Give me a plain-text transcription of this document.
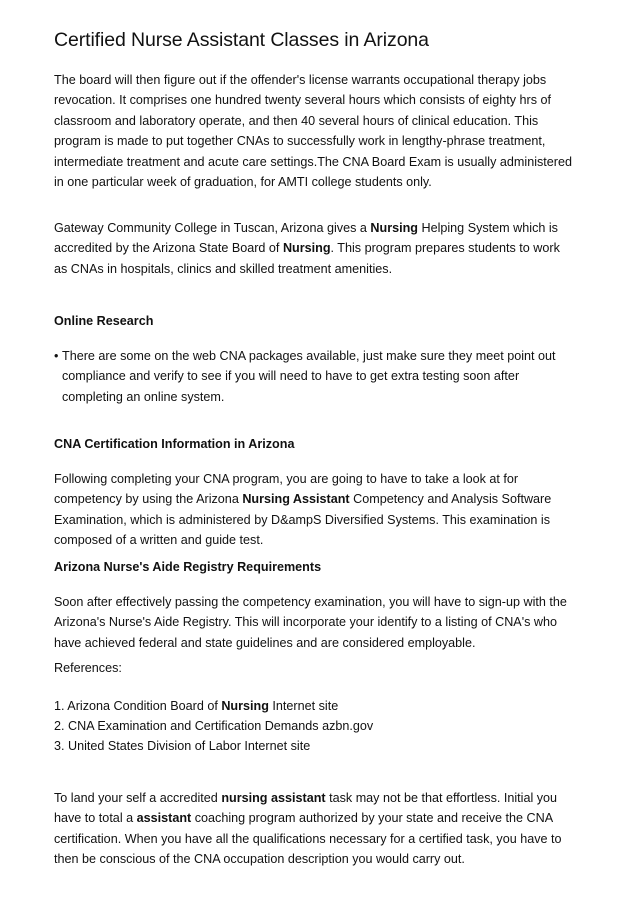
Certified Nurse Assistant Classes in Arizona
The board will then figure out if the offender's license warrants occupational therapy jobs
revocation. It comprises one hundred twenty several hours which consists of eighty hrs of
classroom and laboratory operate, and then 40 several hours of clinical education. This
program is made to put together CNAs to successfully work in lengthy-phrase treatment,
intermediate treatment and acute care settings.The CNA Board Exam is usually administered
in one particular week of graduation, for AMTI college students only.
Gateway Community College in Tuscan, Arizona gives a Nursing Helping System which is
accredited by the Arizona State Board of Nursing. This program prepares students to work
as CNAs in hospitals, clinics and skilled treatment amenities.
Online Research
• There are some on the web CNA packages available, just make sure they meet point out
compliance and verify to see if you will need to have to get extra testing soon after
completing an online system.
CNA Certification Information in Arizona
Following completing your CNA program, you are going to have to take a look at for
competency by using the Arizona Nursing Assistant Competency and Analysis Software
Examination, which is administered by D&ampS Diversified Systems. This examination is
composed of a written and guide test.
Arizona Nurse's Aide Registry Requirements
Soon after effectively passing the competency examination, you will have to sign-up with the
Arizona's Nurse's Aide Registry. This will incorporate your identify to a listing of CNA's who
have achieved federal and state guidelines and are considered employable.
References:
1. Arizona Condition Board of Nursing Internet site
2. CNA Examination and Certification Demands azbn.gov
3. United States Division of Labor Internet site
To land your self a accredited nursing assistant task may not be that effortless. Initial you
have to total a assistant coaching program authorized by your state and receive the CNA
certification. When you have all the qualifications necessary for a certified task, you have to
then be conscious of the CNA occupation description you would carry out.
